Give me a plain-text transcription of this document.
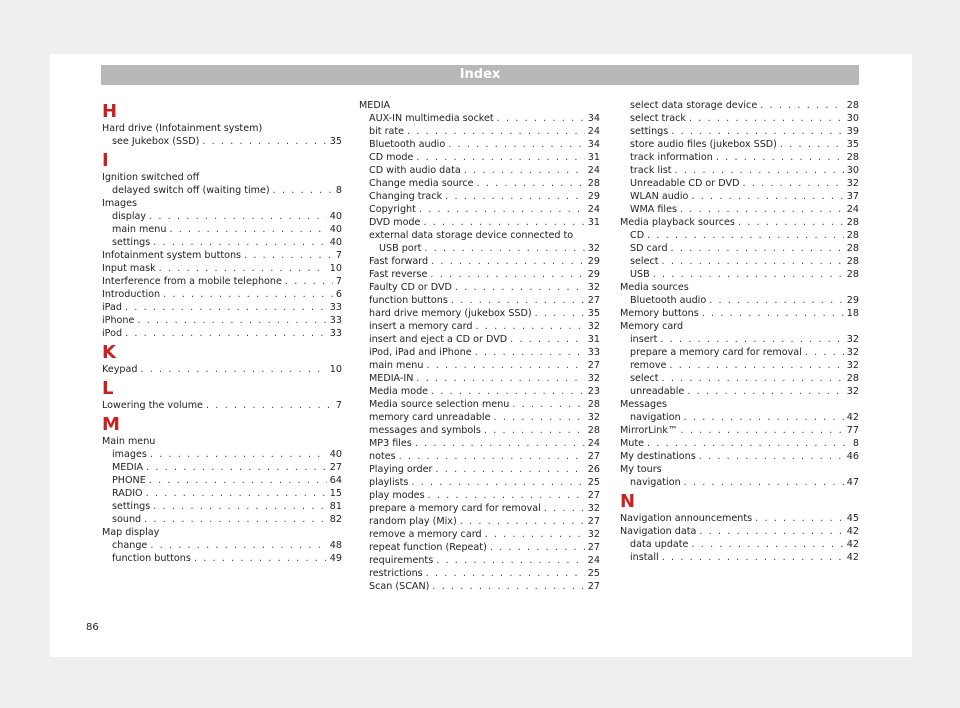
Index
H
Hard drive (Infotainment system)
see Jukebox (SSD) . . .	35
I
Ignition switched off
delayed switch off (waiting time) . . .	8
Images
display . . .	40
main menu . . .	40
settings . . .	40
Infotainment system buttons . . .	7
Input mask . . .	10
Interference from a mobile telephone . . .	7
Introduction . . .	6
iPad . . .	33
iPhone . . .	33
iPod . . .	33
K
Keypad . . .	10
L
Lowering the volume . . .	7
M
Main menu
images . . .	40
MEDIA . . .	27
PHONE . . .	64
RADIO . . .	15
settings . . .	81
sound . . .	82
Map display
change . . .	48
function buttons . . .	49
MEDIA
AUX-IN multimedia socket . . .	34
bit rate . . .	24
Bluetooth audio . . .	34
CD mode . . .	31
CD with audio data . . .	24
Change media source . . .	28
Changing track . . .	29
Copyright . . .	24
DVD mode . . .	31
external data storage device connected to
USB port . . .	32
Fast forward . . .	29
Fast reverse . . .	29
Faulty CD or DVD . . .	32
function buttons . . .	27
hard drive memory (jukebox SSD) . . .	35
insert a memory card . . .	32
insert and eject a CD or DVD . . .	31
iPod, iPad and iPhone . . .	33
main menu . . .	27
MEDIA-IN . . .	32
Media mode . . .	23
Media source selection menu . . .	28
memory card unreadable . . .	32
messages and symbols . . .	28
MP3 files . . .	24
notes . . .	27
Playing order . . .	26
playlists . . .	25
play modes . . .	27
prepare a memory card for removal . . .	32
random play (Mix) . . .	27
remove a memory card . . .	32
repeat function (Repeat) . . .	27
requirements . . .	24
restrictions . . .	25
Scan (SCAN) . . .	27
select data storage device . . .	28
select track . . .	30
settings . . .	39
store audio files (jukebox SSD) . . .	35
track information . . .	28
track list . . .	30
Unreadable CD or DVD . . .	32
WLAN audio . . .	37
WMA files . . .	24
Media playback sources . . .	28
CD . . .	28
SD card . . .	28
select . . .	28
USB . . .	28
Media sources
Bluetooth audio . . .	29
Memory buttons . . .	18
Memory card
insert . . .	32
prepare a memory card for removal . . .	32
remove . . .	32
select . . .	28
unreadable . . .	32
Messages
navigation . . .	42
MirrorLink™ . . .	77
Mute . . .	8
My destinations . . .	46
My tours
navigation . . .	47
N
Navigation announcements . . .	45
Navigation data . . .	42
data update . . .	42
install . . .	42
86
